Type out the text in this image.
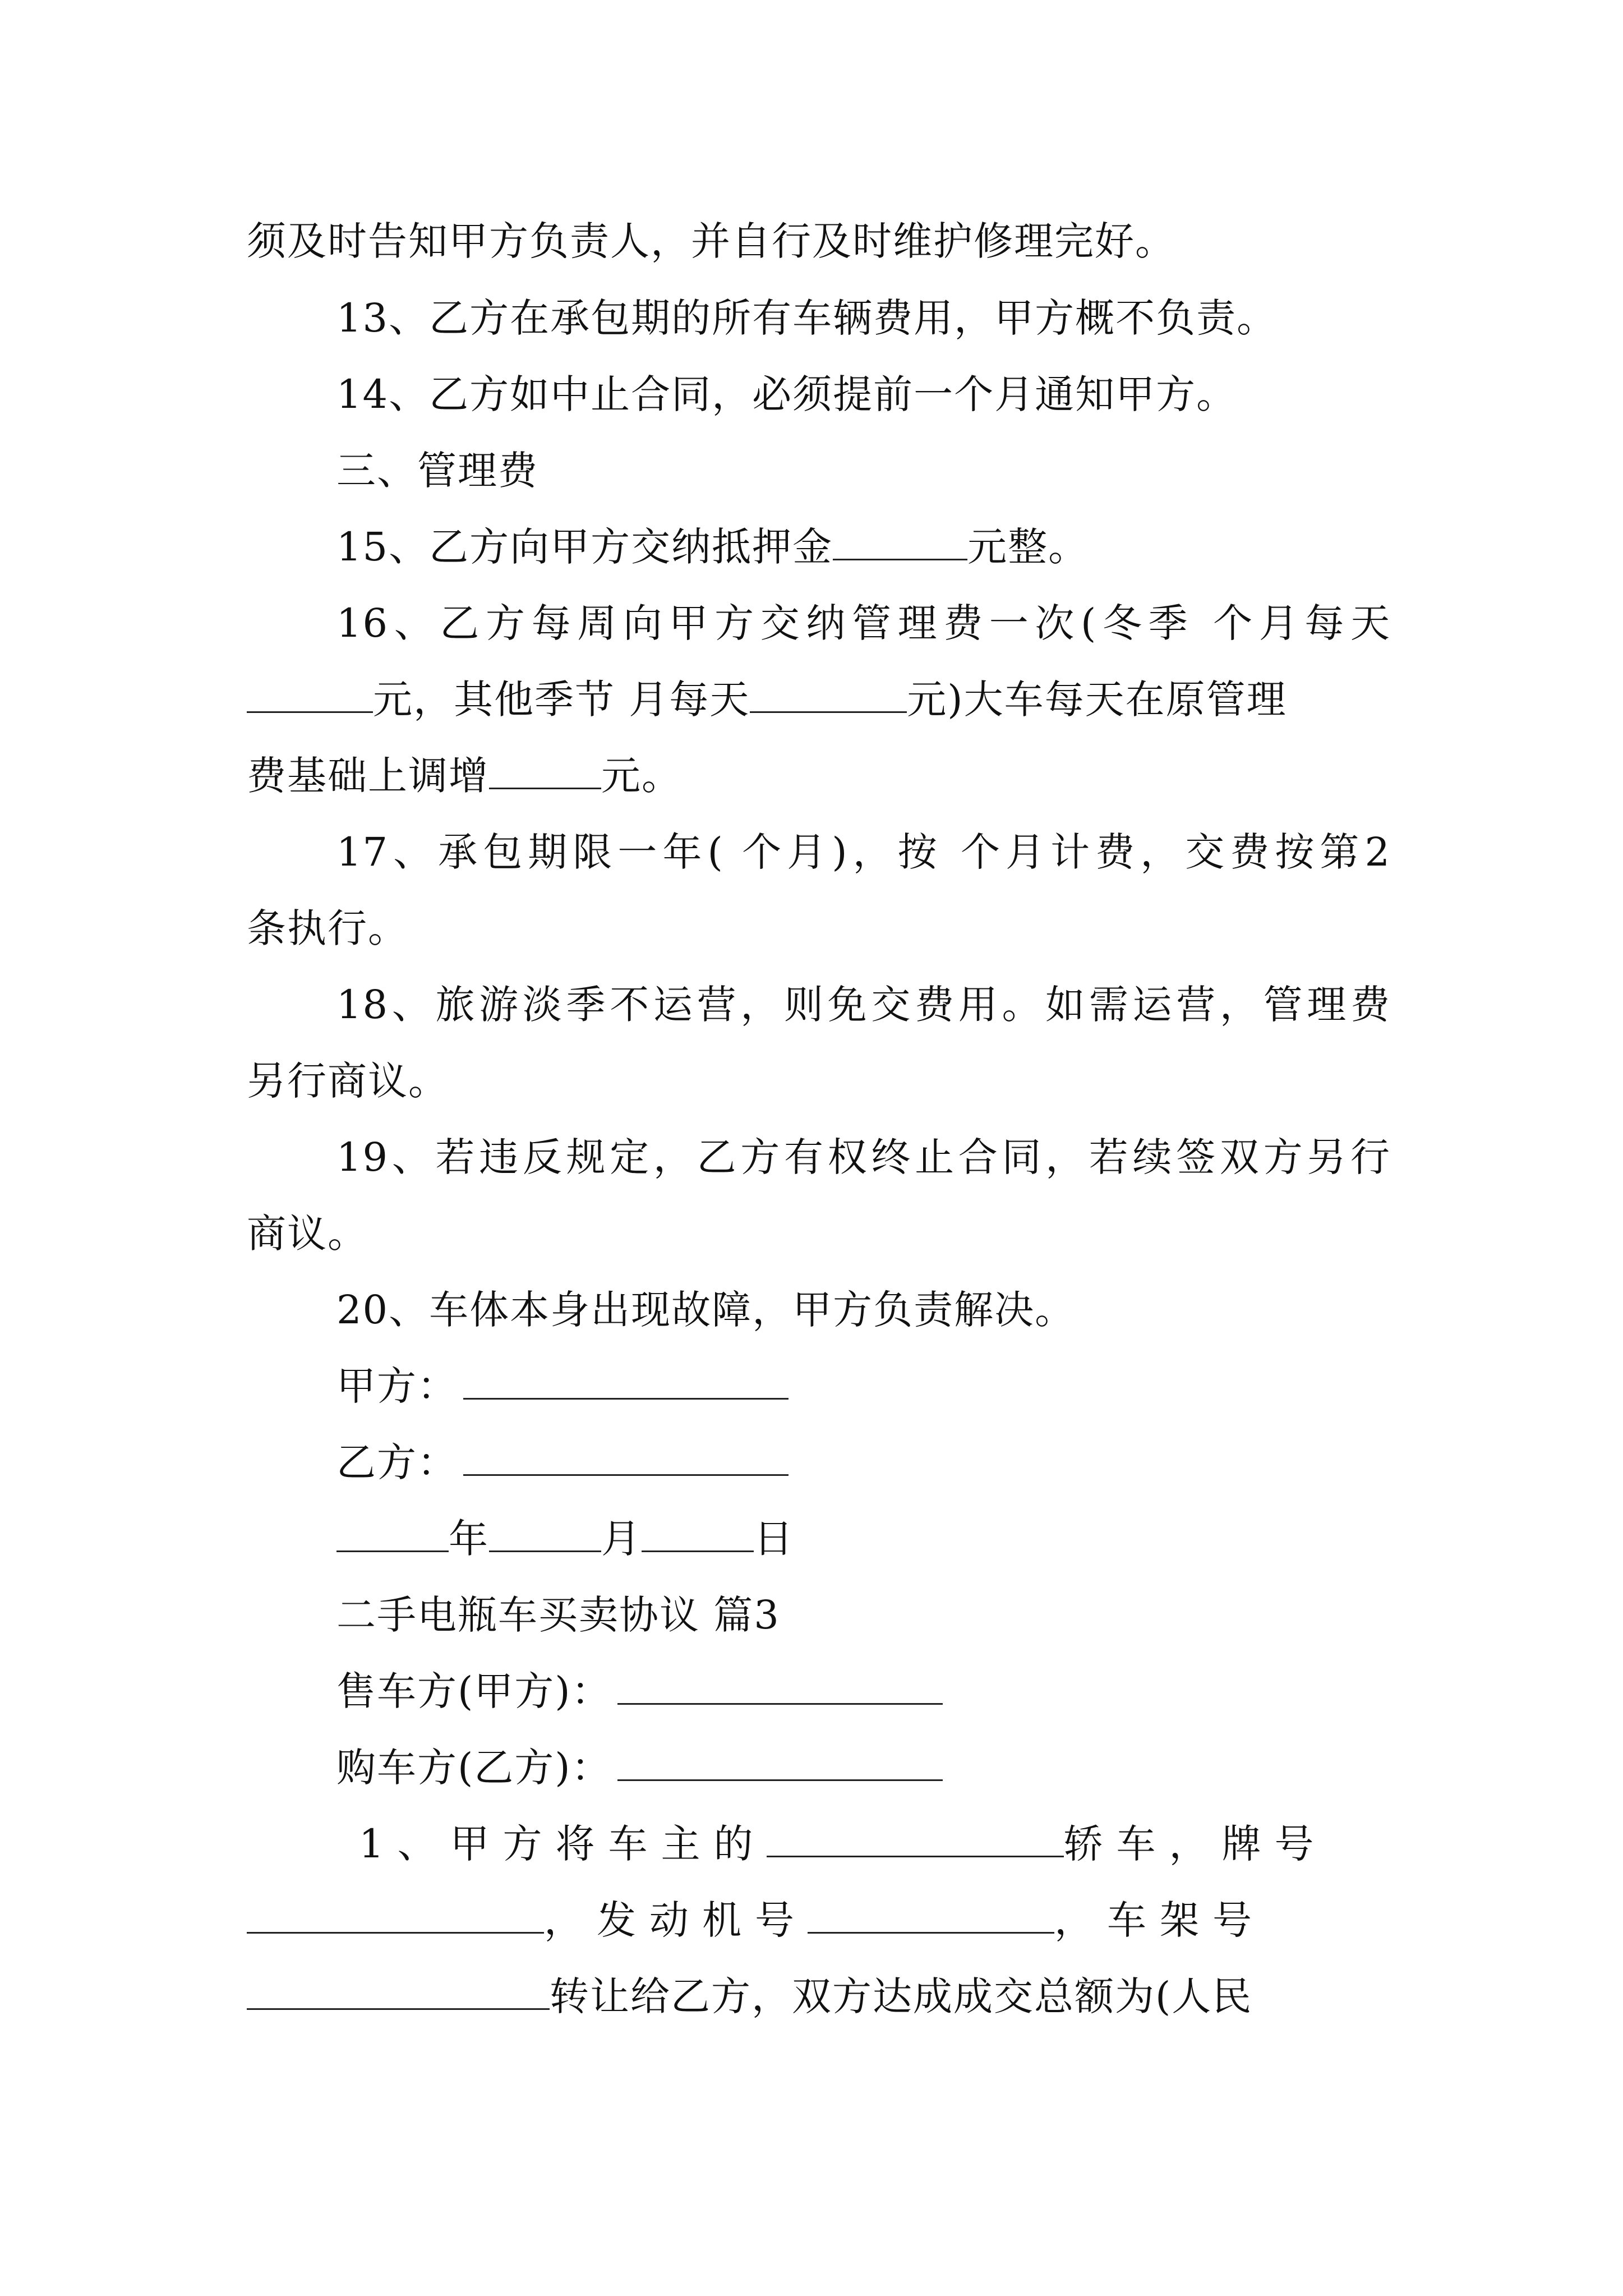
须及时告知甲方负责人，并自行及时维护修理完好。
13、乙方在承包期的所有车辆费用，甲方概不负责。
14、乙方如中止合同，必须提前一个月通知甲方。
三、管理费
15、乙方向甲方交纳抵押金	元整。
16、乙方每周向甲方交纳管理费一次(冬季 个月每天
元，其他季节 月每天	元)大车每天在原管理
费基础上调增	元。
17、承包期限一年( 个月)，按 个月计费，交费按第2
条执行。
18、旅游淡季不运营，则免交费用。如需运营，管理费
另行商议。
19、若违反规定，乙方有权终止合同，若续签双方另行
商议。
20、车体本身出现故障，甲方负责解决。
甲方：
乙方：
年	月	日
二手电瓶车买卖协议 篇3
售车方(甲方)：
购车方(乙方)：
1、甲方将车主的	轿车，牌号
，发动机号	，车架号
转让给乙方，双方达成成交总额为(人民
